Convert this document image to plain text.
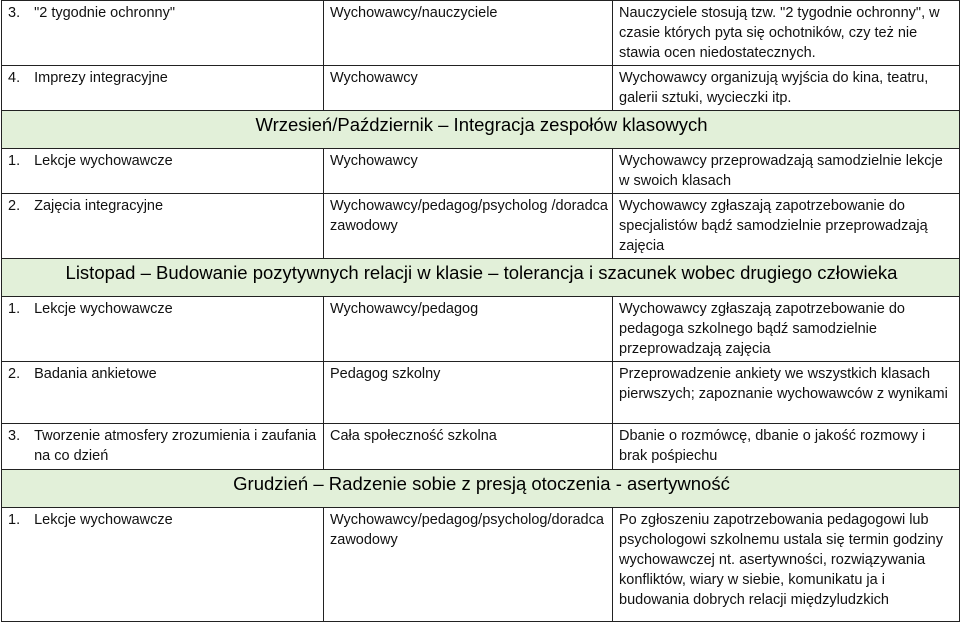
3. "2 tygodnie ochronny"	Wychowawcy/nauczyciele	Nauczyciele stosują tzw. "2 tygodnie ochronny", w czasie których pyta się ochotników, czy też nie stawia ocen niedostatecznych.

4. Imprezy integracyjne	Wychowawcy	Wychowawcy organizują wyjścia do kina, teatru, galerii sztuki, wycieczki itp.
Wrzesień/Październik – Integracja zespołów klasowych		

1. Lekcje wychowawcze	Wychowawcy	Wychowawcy przeprowadzają samodzielnie lekcje w swoich klasach

2. Zajęcia integracyjne	Wychowawcy/pedagog/psycholog /doradca zawodowy	Wychowawcy zgłaszają zapotrzebowanie do specjalistów bądź samodzielnie przeprowadzają zajęcia
Listopad – Budowanie pozytywnych relacji w klasie – tolerancja i szacunek wobec drugiego człowieka		

1. Lekcje wychowawcze	Wychowawcy/pedagog	Wychowawcy zgłaszają zapotrzebowanie do pedagoga szkolnego bądź samodzielnie przeprowadzają zajęcia

2. Badania ankietowe	Pedagog szkolny	Przeprowadzenie ankiety we wszystkich klasach pierwszych; zapoznanie wychowawców z wynikami

3. Tworzenie atmosfery zrozumienia i zaufania na co dzień	Cała społeczność szkolna	Dbanie o rozmówcę, dbanie o jakość rozmowy i brak pośpiechu
Grudzień – Radzenie sobie z presją otoczenia - asertywność		

1. Lekcje wychowawcze	Wychowawcy/pedagog/psycholog/doradca zawodowy	Po zgłoszeniu zapotrzebowania pedagogowi lub psychologowi szkolnemu ustala się termin godziny wychowawczej nt. asertywności, rozwiązywania konfliktów, wiary w siebie, komunikatu ja i budowania dobrych relacji międzyludzkich
